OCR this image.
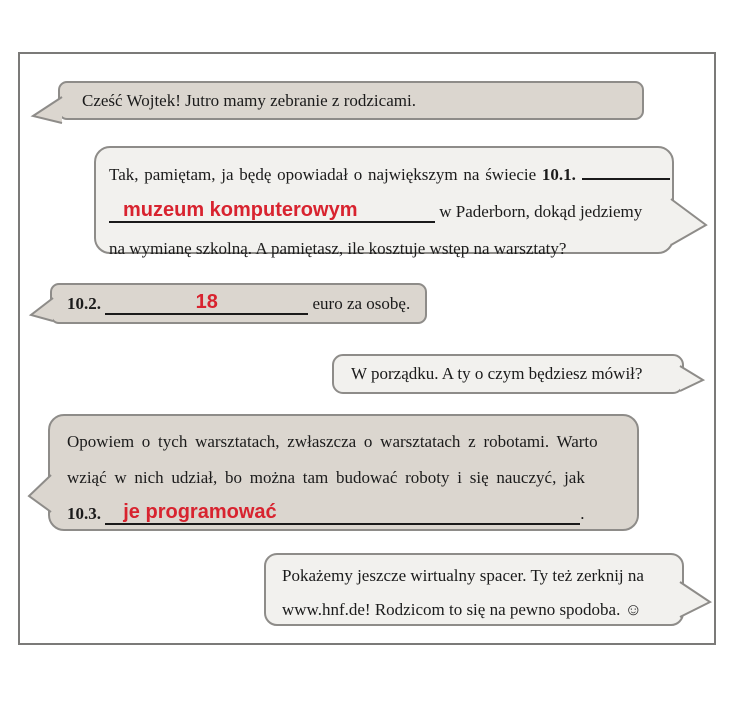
Cześć Wojtek! Jutro mamy zebranie z rodzicami.
Tak, pamiętam, ja będę opowiadał o największym na świecie 10.1.
muzeum komputerowym	w Paderborn, dokąd jedziemy
na wymianę szkolną. A pamiętasz, ile kosztuje wstęp na warsztaty?
10.2.	18	euro za osobę.
W porządku. A ty o czym będziesz mówił?
Opowiem o tych warsztatach, zwłaszcza o warsztatach z robotami. Warto
wziąć w nich udział, bo można tam budować roboty i się nauczyć, jak
10.3. je programować	.
Pokażemy jeszcze wirtualny spacer. Ty też zerknij na
www.hnf.de! Rodzicom to się na pewno spodoba. ☺
